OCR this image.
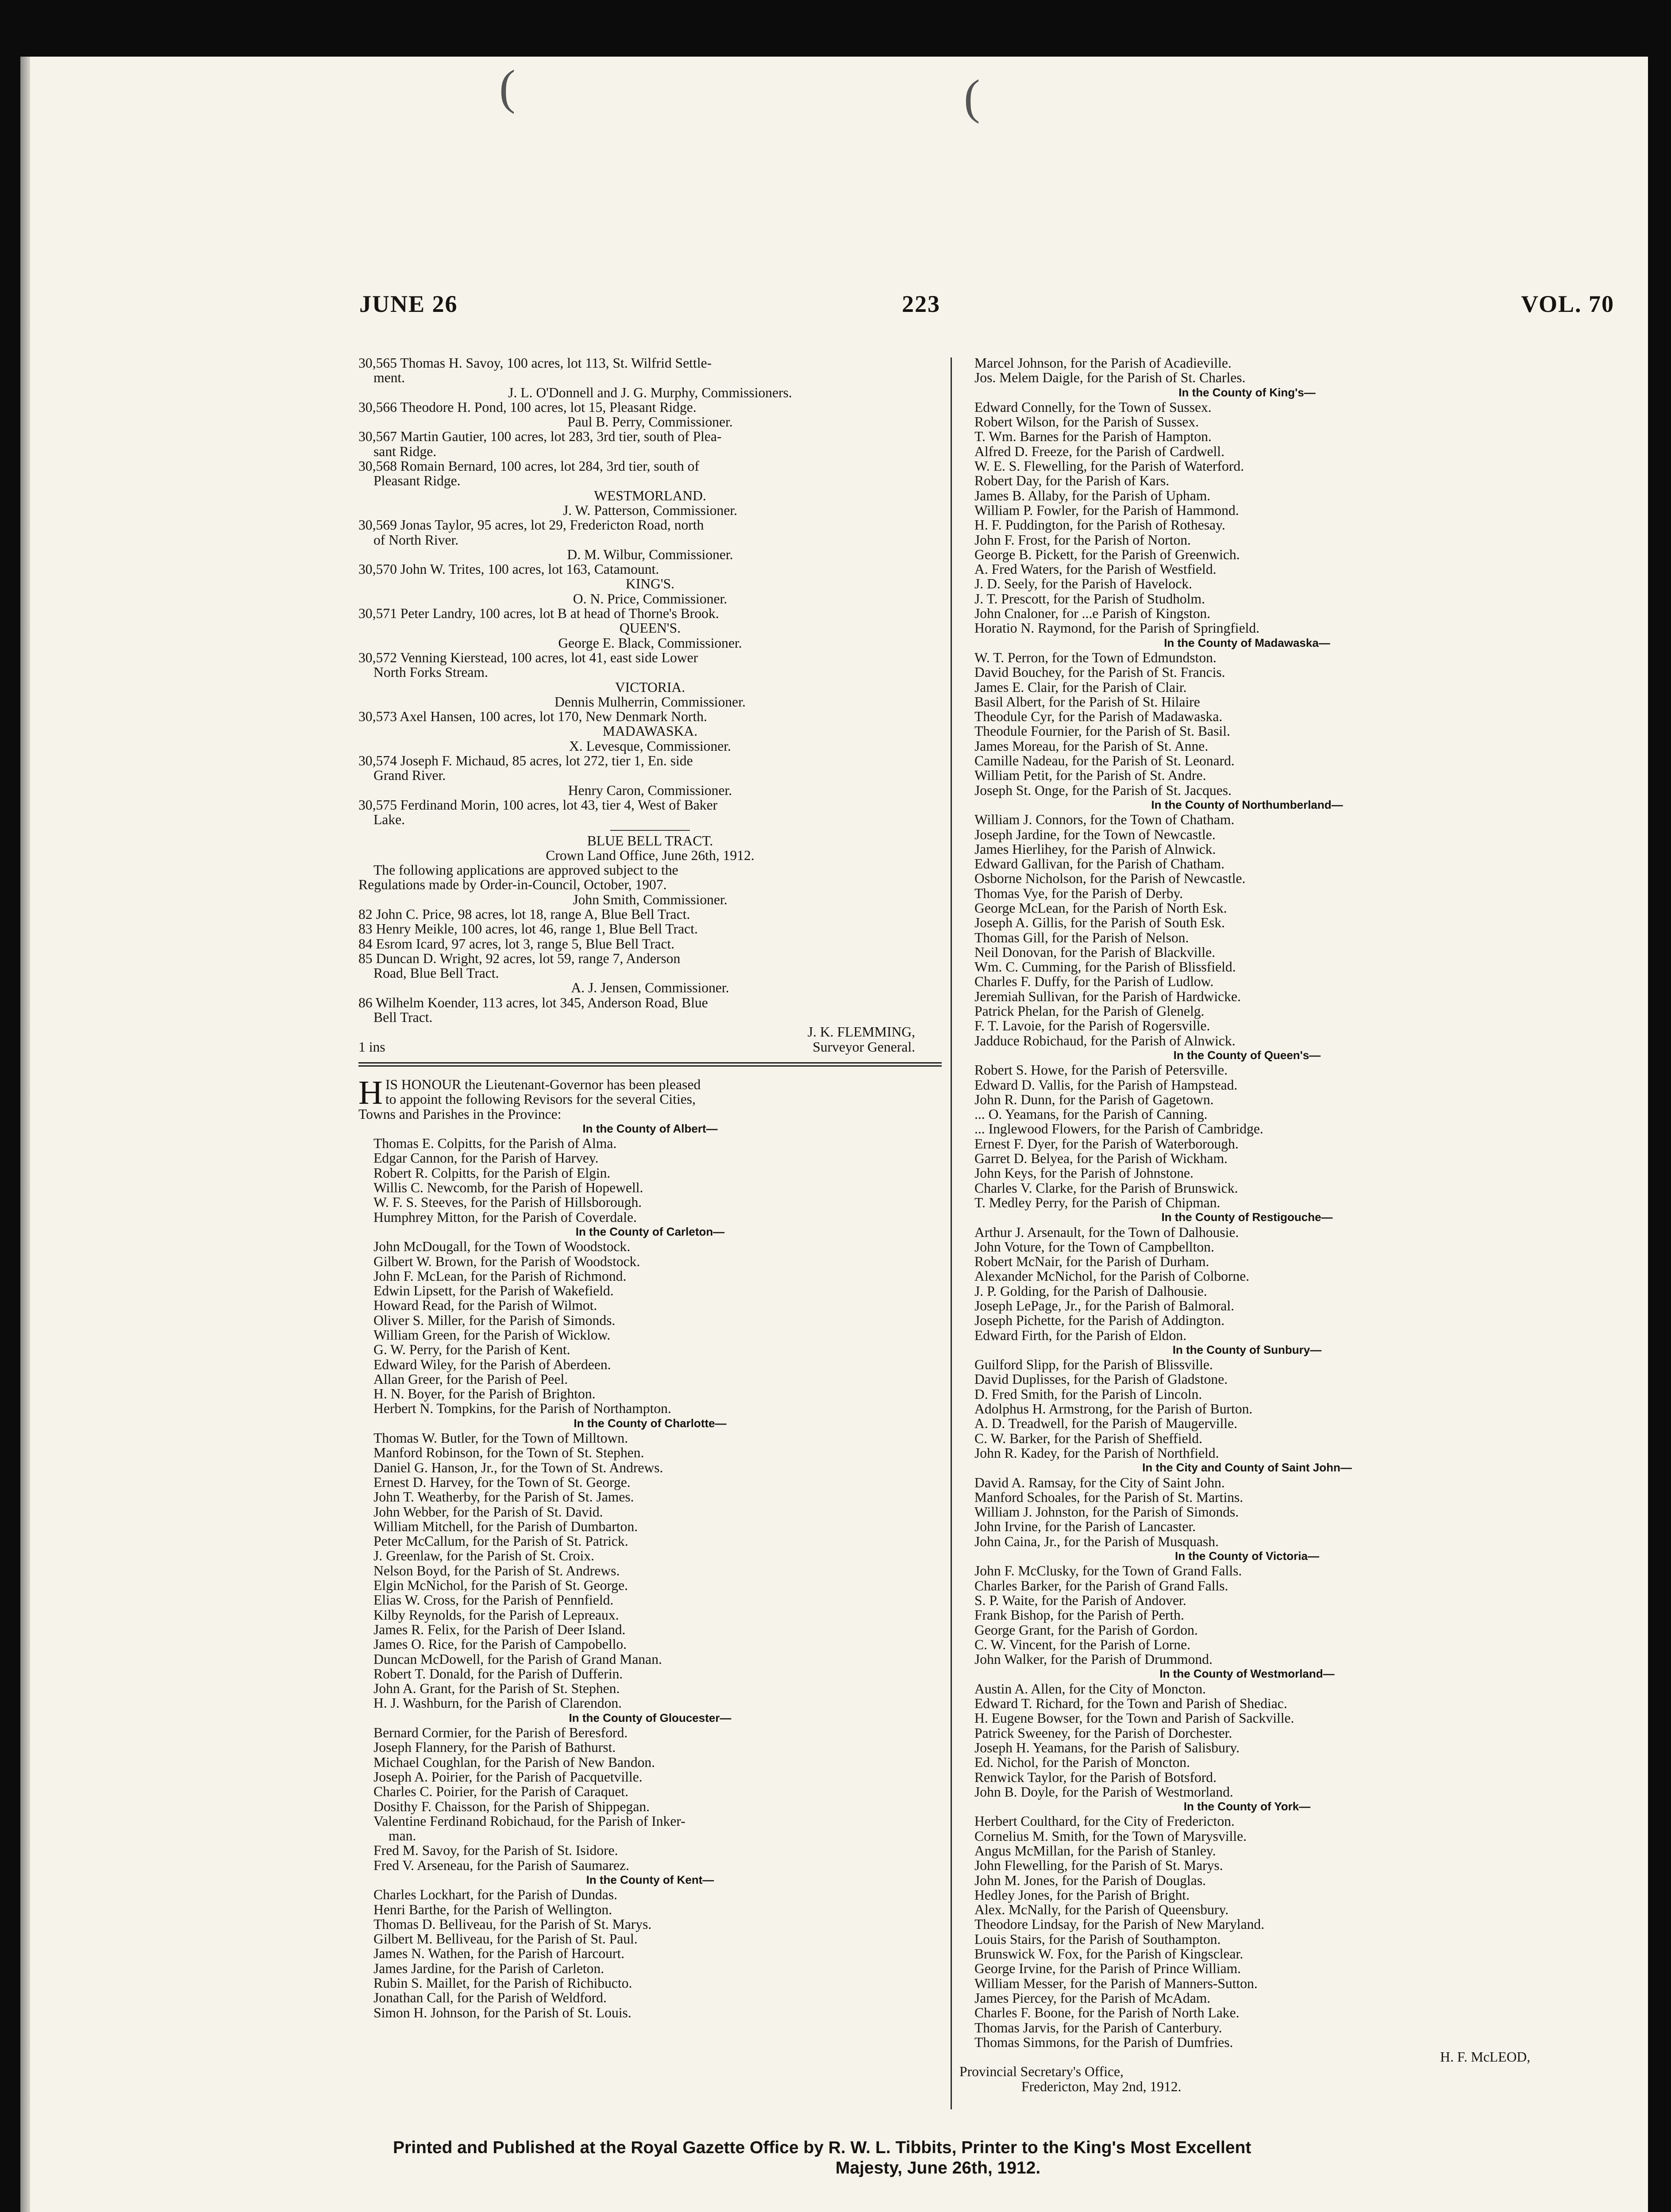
(	(
JUNE 26	223	VOL. 70
30,565 Thomas H. Savoy, 100 acres, lot 113, St. Wilfrid Settle-
ment.
J. L. O'Donnell and J. G. Murphy, Commissioners.
30,566 Theodore H. Pond, 100 acres, lot 15, Pleasant Ridge.
Paul B. Perry, Commissioner.
30,567 Martin Gautier, 100 acres, lot 283, 3rd tier, south of Plea-
sant Ridge.
30,568 Romain Bernard, 100 acres, lot 284, 3rd tier, south of
Pleasant Ridge.
WESTMORLAND.
J. W. Patterson, Commissioner.
30,569 Jonas Taylor, 95 acres, lot 29, Fredericton Road, north
of North River.
D. M. Wilbur, Commissioner.
30,570 John W. Trites, 100 acres, lot 163, Catamount.
KING'S.
O. N. Price, Commissioner.
30,571 Peter Landry, 100 acres, lot B at head of Thorne's Brook.
QUEEN'S.
George E. Black, Commissioner.
30,572 Venning Kierstead, 100 acres, lot 41, east side Lower
North Forks Stream.
VICTORIA.
Dennis Mulherrin, Commissioner.
30,573 Axel Hansen, 100 acres, lot 170, New Denmark North.
MADAWASKA.
X. Levesque, Commissioner.
30,574 Joseph F. Michaud, 85 acres, lot 272, tier 1, En. side
Grand River.
Henry Caron, Commissioner.
30,575 Ferdinand Morin, 100 acres, lot 43, tier 4, West of Baker
Lake.
BLUE BELL TRACT.
Crown Land Office, June 26th, 1912.
The following applications are approved subject to the
Regulations made by Order-in-Council, October, 1907.
John Smith, Commissioner.
82 John C. Price, 98 acres, lot 18, range A, Blue Bell Tract.
83 Henry Meikle, 100 acres, lot 46, range 1, Blue Bell Tract.
84 Esrom Icard, 97 acres, lot 3, range 5, Blue Bell Tract.
85 Duncan D. Wright, 92 acres, lot 59, range 7, Anderson
Road, Blue Bell Tract.
A. J. Jensen, Commissioner.
86 Wilhelm Koender, 113 acres, lot 345, Anderson Road, Blue
Bell Tract.
J. K. FLEMMING,
1 ins	Surveyor General.
H IS HONOUR the Lieutenant-Governor has been pleased
to appoint the following Revisors for the several Cities,
Towns and Parishes in the Province:
In the County of Albert—
Thomas E. Colpitts, for the Parish of Alma.
Edgar Cannon, for the Parish of Harvey.
Robert R. Colpitts, for the Parish of Elgin.
Willis C. Newcomb, for the Parish of Hopewell.
W. F. S. Steeves, for the Parish of Hillsborough.
Humphrey Mitton, for the Parish of Coverdale.
In the County of Carleton—
John McDougall, for the Town of Woodstock.
Gilbert W. Brown, for the Parish of Woodstock.
John F. McLean, for the Parish of Richmond.
Edwin Lipsett, for the Parish of Wakefield.
Howard Read, for the Parish of Wilmot.
Oliver S. Miller, for the Parish of Simonds.
William Green, for the Parish of Wicklow.
G. W. Perry, for the Parish of Kent.
Edward Wiley, for the Parish of Aberdeen.
Allan Greer, for the Parish of Peel.
H. N. Boyer, for the Parish of Brighton.
Herbert N. Tompkins, for the Parish of Northampton.
In the County of Charlotte—
Thomas W. Butler, for the Town of Milltown.
Manford Robinson, for the Town of St. Stephen.
Daniel G. Hanson, Jr., for the Town of St. Andrews.
Ernest D. Harvey, for the Town of St. George.
John T. Weatherby, for the Parish of St. James.
John Webber, for the Parish of St. David.
William Mitchell, for the Parish of Dumbarton.
Peter McCallum, for the Parish of St. Patrick.
J. Greenlaw, for the Parish of St. Croix.
Nelson Boyd, for the Parish of St. Andrews.
Elgin McNichol, for the Parish of St. George.
Elias W. Cross, for the Parish of Pennfield.
Kilby Reynolds, for the Parish of Lepreaux.
James R. Felix, for the Parish of Deer Island.
James O. Rice, for the Parish of Campobello.
Duncan McDowell, for the Parish of Grand Manan.
Robert T. Donald, for the Parish of Dufferin.
John A. Grant, for the Parish of St. Stephen.
H. J. Washburn, for the Parish of Clarendon.
In the County of Gloucester—
Bernard Cormier, for the Parish of Beresford.
Joseph Flannery, for the Parish of Bathurst.
Michael Coughlan, for the Parish of New Bandon.
Joseph A. Poirier, for the Parish of Pacquetville.
Charles C. Poirier, for the Parish of Caraquet.
Dosithy F. Chaisson, for the Parish of Shippegan.
Valentine Ferdinand Robichaud, for the Parish of Inker-
man.
Fred M. Savoy, for the Parish of St. Isidore.
Fred V. Arseneau, for the Parish of Saumarez.
In the County of Kent—
Charles Lockhart, for the Parish of Dundas.
Henri Barthe, for the Parish of Wellington.
Thomas D. Belliveau, for the Parish of St. Marys.
Gilbert M. Belliveau, for the Parish of St. Paul.
James N. Wathen, for the Parish of Harcourt.
James Jardine, for the Parish of Carleton.
Rubin S. Maillet, for the Parish of Richibucto.
Jonathan Call, for the Parish of Weldford.
Simon H. Johnson, for the Parish of St. Louis.
Marcel Johnson, for the Parish of Acadieville.
Jos. Melem Daigle, for the Parish of St. Charles.
In the County of King's—
Edward Connelly, for the Town of Sussex.
Robert Wilson, for the Parish of Sussex.
T. Wm. Barnes for the Parish of Hampton.
Alfred D. Freeze, for the Parish of Cardwell.
W. E. S. Flewelling, for the Parish of Waterford.
Robert Day, for the Parish of Kars.
James B. Allaby, for the Parish of Upham.
William P. Fowler, for the Parish of Hammond.
H. F. Puddington, for the Parish of Rothesay.
John F. Frost, for the Parish of Norton.
George B. Pickett, for the Parish of Greenwich.
A. Fred Waters, for the Parish of Westfield.
J. D. Seely, for the Parish of Havelock.
J. T. Prescott, for the Parish of Studholm.
John Cnaloner, for ...e Parish of Kingston.
Horatio N. Raymond, for the Parish of Springfield.
In the County of Madawaska—
W. T. Perron, for the Town of Edmundston.
David Bouchey, for the Parish of St. Francis.
James E. Clair, for the Parish of Clair.
Basil Albert, for the Parish of St. Hilaire
Theodule Cyr, for the Parish of Madawaska.
Theodule Fournier, for the Parish of St. Basil.
James Moreau, for the Parish of St. Anne.
Camille Nadeau, for the Parish of St. Leonard.
William Petit, for the Parish of St. Andre.
Joseph St. Onge, for the Parish of St. Jacques.
In the County of Northumberland—
William J. Connors, for the Town of Chatham.
Joseph Jardine, for the Town of Newcastle.
James Hierlihey, for the Parish of Alnwick.
Edward Gallivan, for the Parish of Chatham.
Osborne Nicholson, for the Parish of Newcastle.
Thomas Vye, for the Parish of Derby.
George McLean, for the Parish of North Esk.
Joseph A. Gillis, for the Parish of South Esk.
Thomas Gill, for the Parish of Nelson.
Neil Donovan, for the Parish of Blackville.
Wm. C. Cumming, for the Parish of Blissfield.
Charles F. Duffy, for the Parish of Ludlow.
Jeremiah Sullivan, for the Parish of Hardwicke.
Patrick Phelan, for the Parish of Glenelg.
F. T. Lavoie, for the Parish of Rogersville.
Jadduce Robichaud, for the Parish of Alnwick.
In the County of Queen's—
Robert S. Howe, for the Parish of Petersville.
Edward D. Vallis, for the Parish of Hampstead.
John R. Dunn, for the Parish of Gagetown.
... O. Yeamans, for the Parish of Canning.
... Inglewood Flowers, for the Parish of Cambridge.
Ernest F. Dyer, for the Parish of Waterborough.
Garret D. Belyea, for the Parish of Wickham.
John Keys, for the Parish of Johnstone.
Charles V. Clarke, for the Parish of Brunswick.
T. Medley Perry, for the Parish of Chipman.
In the County of Restigouche—
Arthur J. Arsenault, for the Town of Dalhousie.
John Voture, for the Town of Campbellton.
Robert McNair, for the Parish of Durham.
Alexander McNichol, for the Parish of Colborne.
J. P. Golding, for the Parish of Dalhousie.
Joseph LePage, Jr., for the Parish of Balmoral.
Joseph Pichette, for the Parish of Addington.
Edward Firth, for the Parish of Eldon.
In the County of Sunbury—
Guilford Slipp, for the Parish of Blissville.
David Duplisses, for the Parish of Gladstone.
D. Fred Smith, for the Parish of Lincoln.
Adolphus H. Armstrong, for the Parish of Burton.
A. D. Treadwell, for the Parish of Maugerville.
C. W. Barker, for the Parish of Sheffield.
John R. Kadey, for the Parish of Northfield.
In the City and County of Saint John—
David A. Ramsay, for the City of Saint John.
Manford Schoales, for the Parish of St. Martins.
William J. Johnston, for the Parish of Simonds.
John Irvine, for the Parish of Lancaster.
John Caina, Jr., for the Parish of Musquash.
In the County of Victoria—
John F. McClusky, for the Town of Grand Falls.
Charles Barker, for the Parish of Grand Falls.
S. P. Waite, for the Parish of Andover.
Frank Bishop, for the Parish of Perth.
George Grant, for the Parish of Gordon.
C. W. Vincent, for the Parish of Lorne.
John Walker, for the Parish of Drummond.
In the County of Westmorland—
Austin A. Allen, for the City of Moncton.
Edward T. Richard, for the Town and Parish of Shediac.
H. Eugene Bowser, for the Town and Parish of Sackville.
Patrick Sweeney, for the Parish of Dorchester.
Joseph H. Yeamans, for the Parish of Salisbury.
Ed. Nichol, for the Parish of Moncton.
Renwick Taylor, for the Parish of Botsford.
John B. Doyle, for the Parish of Westmorland.
In the County of York—
Herbert Coulthard, for the City of Fredericton.
Cornelius M. Smith, for the Town of Marysville.
Angus McMillan, for the Parish of Stanley.
John Flewelling, for the Parish of St. Marys.
John M. Jones, for the Parish of Douglas.
Hedley Jones, for the Parish of Bright.
Alex. McNally, for the Parish of Queensbury.
Theodore Lindsay, for the Parish of New Maryland.
Louis Stairs, for the Parish of Southampton.
Brunswick W. Fox, for the Parish of Kingsclear.
George Irvine, for the Parish of Prince William.
William Messer, for the Parish of Manners-Sutton.
James Piercey, for the Parish of McAdam.
Charles F. Boone, for the Parish of North Lake.
Thomas Jarvis, for the Parish of Canterbury.
Thomas Simmons, for the Parish of Dumfries.
H. F. McLEOD,
Provincial Secretary's Office,
Fredericton, May 2nd, 1912.
Printed and Published at the Royal Gazette Office by R. W. L. Tibbits, Printer to the King's Most Excellent
Majesty, June 26th, 1912.
